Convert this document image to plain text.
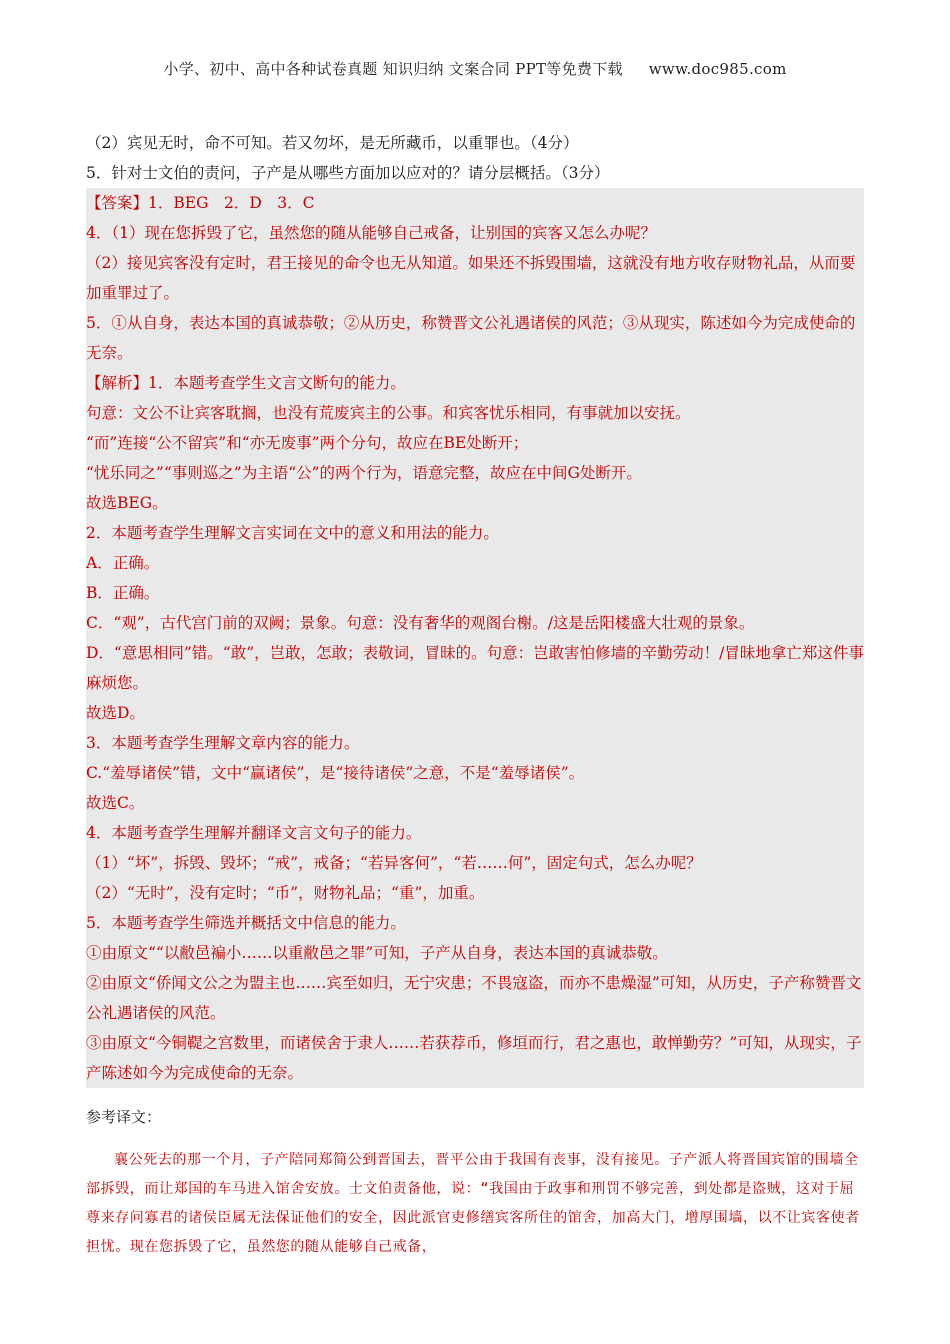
小学、初中、高中各种试卷真题 知识归纳 文案合同 PPT等免费下载 www.doc985.com

（2）宾见无时，命不可知。若又勿坏，是无所藏币，以重罪也。（4分）

5．针对士文伯的责问，子产是从哪些方面加以应对的？请分层概括。（3分）

【答案】1．BEG　2．D　3．C

4．（1）现在您拆毁了它，虽然您的随从能够自己戒备，让别国的宾客又怎么办呢？

（2）接见宾客没有定时，君王接见的命令也无从知道。如果还不拆毁围墙，这就没有地方收存财物礼品，从而要加重罪过了。

5．①从自身，表达本国的真诚恭敬；②从历史，称赞晋文公礼遇诸侯的风范；③从现实，陈述如今为完成使命的无奈。

【解析】1．本题考查学生文言文断句的能力。

句意：文公不让宾客耽搁，也没有荒废宾主的公事。和宾客忧乐相同，有事就加以安抚。

“而”连接“公不留宾”和“亦无废事”两个分句，故应在BE处断开；

“忧乐同之”“事则巡之”为主语“公”的两个行为，语意完整，故应在中间G处断开。

故选BEG。

2．本题考查学生理解文言实词在文中的意义和用法的能力。

A．正确。

B．正确。

C．“观”，古代宫门前的双阙；景象。句意：没有奢华的观阁台榭。/这是岳阳楼盛大壮观的景象。

D．“意思相同”错。“敢”，岂敢，怎敢；表敬词，冒昧的。句意：岂敢害怕修墙的辛勤劳动！/冒昧地拿亡郑这件事麻烦您。

故选D。

3．本题考查学生理解文章内容的能力。

C.“羞辱诸侯”错，文中“赢诸侯”，是“接待诸侯”之意，不是“羞辱诸侯”。

故选C。

4．本题考查学生理解并翻译文言文句子的能力。

（1）“坏”，拆毁、毁坏；“戒”，戒备；“若异客何”，“若……何”，固定句式，怎么办呢？

（2）“无时”，没有定时；“币”，财物礼品；“重”，加重。

5．本题考查学生筛选并概括文中信息的能力。

①由原文““以敝邑褊小……以重敝邑之罪”可知，子产从自身，表达本国的真诚恭敬。

②由原文“侨闻文公之为盟主也……宾至如归，无宁灾患；不畏寇盗，而亦不患燥湿”可知，从历史，子产称赞晋文公礼遇诸侯的风范。

③由原文“今铜鞮之宫数里，而诸侯舍于隶人……若获荐币，修垣而行，君之惠也，敢惮勤劳？”可知，从现实，子产陈述如今为完成使命的无奈。

参考译文：

襄公死去的那一个月，子产陪同郑简公到晋国去，晋平公由于我国有丧事，没有接见。子产派人将晋国宾馆的围墙全部拆毁，而让郑国的车马进入馆舍安放。士文伯责备他，说：“我国由于政事和刑罚不够完善，到处都是盗贼，这对于屈尊来存问寡君的诸侯臣属无法保证他们的安全，因此派官吏修缮宾客所住的馆舍，加高大门，增厚围墙，以不让宾客使者担忧。现在您拆毁了它，虽然您的随从能够自己戒备，
